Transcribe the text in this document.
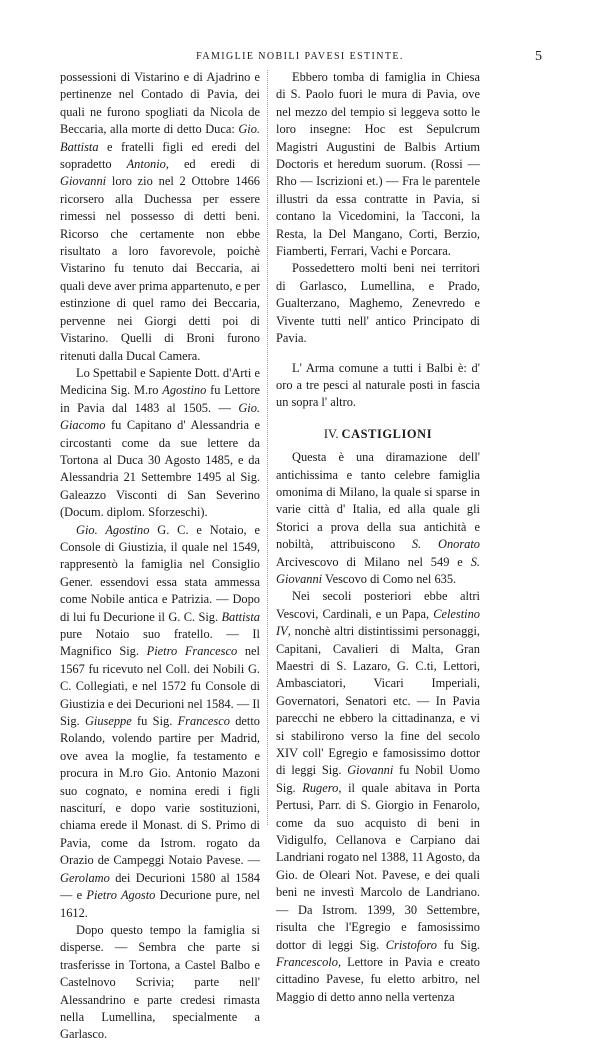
FAMIGLIE NOBILI PAVESI ESTINTE.	5

possessioni di Vistarino e di Ajadrino e pertinenze nel Contado di Pavia, dei quali ne furono spogliati da Nicola de Beccaria, alla morte di detto Duca: Gio. Battista e fratelli figli ed eredi del sopradetto Antonio, ed eredi di Giovanni loro zio nel 2 Ottobre 1466 ricorsero alla Duchessa per essere rimessi nel possesso di detti beni. Ricorso che certamente non ebbe risultato a loro favorevole, poichè Vistarino fu tenuto dai Beccaria, ai quali deve aver prima appartenuto, e per estinzione di quel ramo dei Beccaria, pervenne nei Giorgi detti poi di Vistarino. Quelli di Broni furono ritenuti dalla Ducal Camera.

Lo Spettabil e Sapiente Dott. d'Arti e Medicina Sig. M.ro Agostino fu Lettore in Pavia dal 1483 al 1505. — Gio. Giacomo fu Capitano d' Alessandria e circostanti come da sue lettere da Tortona al Duca 30 Agosto 1485, e da Alessandria 21 Settembre 1495 al Sig. Galeazzo Visconti di San Severino (Docum. diplom. Sforzeschi).

Gio. Agostino G. C. e Notaio, e Console di Giustizia, il quale nel 1549, rappresentò la famiglia nel Consiglio Gener. essendovi essa stata ammessa come Nobile antica e Patrizia. — Dopo di lui fu Decurione il G. C. Sig. Battista pure Notaio suo fratello. — Il Magnifico Sig. Pietro Francesco nel 1567 fu ricevuto nel Coll. dei Nobili G. C. Collegiati, e nel 1572 fu Console di Giustizia e dei Decurioni nel 1584. — Il Sig. Giuseppe fu Sig. Francesco detto Rolando, volendo partire per Madrid, ove avea la moglie, fa testamento e procura in M.ro Gio. Antonio Mazoni suo cognato, e nomina eredi i figli nasciturí, e dopo varie sostituzioni, chiama erede il Monast. di S. Primo di Pavia, come da Istrom. rogato da Orazio de Campeggi Notaio Pavese. — Gerolamo dei Decurioni 1580 al 1584 — e Pietro Agosto Decurione pure, nel 1612.

Dopo questo tempo la famiglia si disperse. — Sembra che parte si trasferisse in Tortona, a Castel Balbo e Castelnovo Scrivia; parte nell' Alessandrino e parte credesi rimasta nella Lumellina, specialmente a Garlasco.

Ebbero tomba di famiglia in Chiesa di S. Paolo fuori le mura di Pavia, ove nel mezzo del tempio si leggeva sotto le loro insegne: Hoc est Sepulcrum Magistri Augustini de Balbis Artium Doctoris et heredum suorum. (Rossi — Rho — Iscrizioni et.) — Fra le parentele illustri da essa contratte in Pavia, si contano la Vicedomini, la Tacconi, la Resta, la Del Mangano, Corti, Berzio, Fiamberti, Ferrari, Vachi e Porcara.

Possedettero molti beni nei territori di Garlasco, Lumellina, e Prado, Gualterzano, Maghemo, Zenevredo e Vivente tutti nell' antico Principato di Pavia.

L' Arma comune a tutti i Balbi è: d' oro a tre pesci al naturale posti in fascia un sopra l' altro.

IV. CASTIGLIONI

Questa è una diramazione dell' antichissima e tanto celebre famiglia omonima di Milano, la quale si sparse in varie città d' Italia, ed alla quale gli Storici a prova della sua antichità e nobiltà, attribuiscono S. Onorato Arcivescovo di Milano nel 549 e S. Giovanni Vescovo di Como nel 635.

Nei secoli posteriori ebbe altri Vescovi, Cardinali, e un Papa, Celestino IV, nonchè altri distintissimi personaggi, Capitani, Cavalieri di Malta, Gran Maestri di S. Lazaro, G. C.ti, Lettori, Ambasciatori, Vicari Imperiali, Governatori, Senatori etc. — In Pavia parecchi ne ebbero la cittadinanza, e vi si stabilirono verso la fine del secolo XIV coll' Egregio e famosissimo dottor di leggi Sig. Giovanni fu Nobil Uomo Sig. Rugero, il quale abitava in Porta Pertusi, Parr. di S. Giorgio in Fenarolo, come da suo acquisto di beni in Vidigulfo, Cellanova e Carpiano dai Landriani rogato nel 1388, 11 Agosto, da Gio. de Oleari Not. Pavese, e dei quali beni ne investì Marcolo de Landriano. — Da Istrom. 1399, 30 Settembre, risulta che l'Egregio e famosissimo dottor di leggi Sig. Cristoforo fu Sig. Francescolo, Lettore in Pavia e creato cittadino Pavese, fu eletto arbitro, nel Maggio di detto anno nella vertenza
